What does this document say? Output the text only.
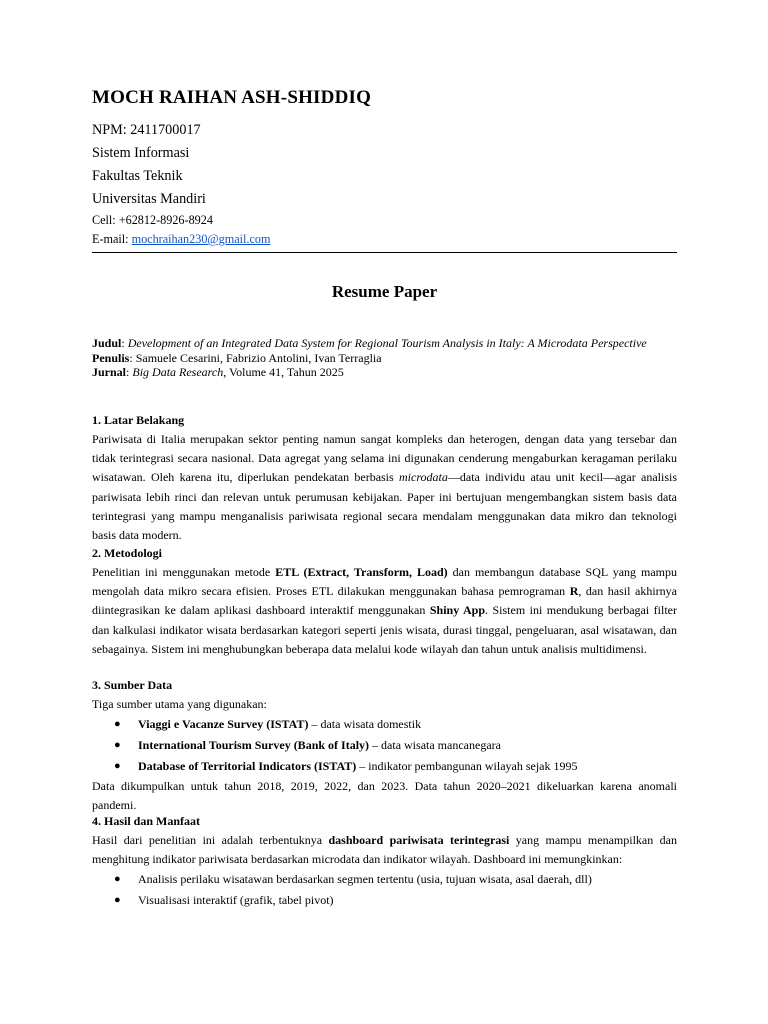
MOCH RAIHAN ASH-SHIDDIQ

NPM: 2411700017

Sistem Informasi

Fakultas Teknik

Universitas Mandiri

Cell: +62812-8926-8924

E-mail: mochraihan230@gmail.com

Resume Paper

Judul: Development of an Integrated Data System for Regional Tourism Analysis in Italy: A Microdata Perspective

Penulis: Samuele Cesarini, Fabrizio Antolini, Ivan Terraglia

Jurnal: Big Data Research, Volume 41, Tahun 2025

1. Latar Belakang

Pariwisata di Italia merupakan sektor penting namun sangat kompleks dan heterogen, dengan data yang tersebar dan tidak terintegrasi secara nasional. Data agregat yang selama ini digunakan cenderung mengaburkan keragaman perilaku wisatawan. Oleh karena itu, diperlukan pendekatan berbasis microdata—data individu atau unit kecil—agar analisis pariwisata lebih rinci dan relevan untuk perumusan kebijakan. Paper ini bertujuan mengembangkan sistem basis data terintegrasi yang mampu menganalisis pariwisata regional secara mendalam menggunakan data mikro dan teknologi basis data modern.

2. Metodologi

Penelitian ini menggunakan metode ETL (Extract, Transform, Load) dan membangun database SQL yang mampu mengolah data mikro secara efisien. Proses ETL dilakukan menggunakan bahasa pemrograman R, dan hasil akhirnya diintegrasikan ke dalam aplikasi dashboard interaktif menggunakan Shiny App. Sistem ini mendukung berbagai filter dan kalkulasi indikator wisata berdasarkan kategori seperti jenis wisata, durasi tinggal, pengeluaran, asal wisatawan, dan sebagainya. Sistem ini menghubungkan beberapa data melalui kode wilayah dan tahun untuk analisis multidimensi.

3. Sumber Data

Tiga sumber utama yang digunakan:

● Viaggi e Vacanze Survey (ISTAT) – data wisata domestik
● International Tourism Survey (Bank of Italy) – data wisata mancanegara
● Database of Territorial Indicators (ISTAT) – indikator pembangunan wilayah sejak 1995

Data dikumpulkan untuk tahun 2018, 2019, 2022, dan 2023. Data tahun 2020–2021 dikeluarkan karena anomali pandemi.

4. Hasil dan Manfaat

Hasil dari penelitian ini adalah terbentuknya dashboard pariwisata terintegrasi yang mampu menampilkan dan menghitung indikator pariwisata berdasarkan microdata dan indikator wilayah. Dashboard ini memungkinkan:

● Analisis perilaku wisatawan berdasarkan segmen tertentu (usia, tujuan wisata, asal daerah, dll)
● Visualisasi interaktif (grafik, tabel pivot)
